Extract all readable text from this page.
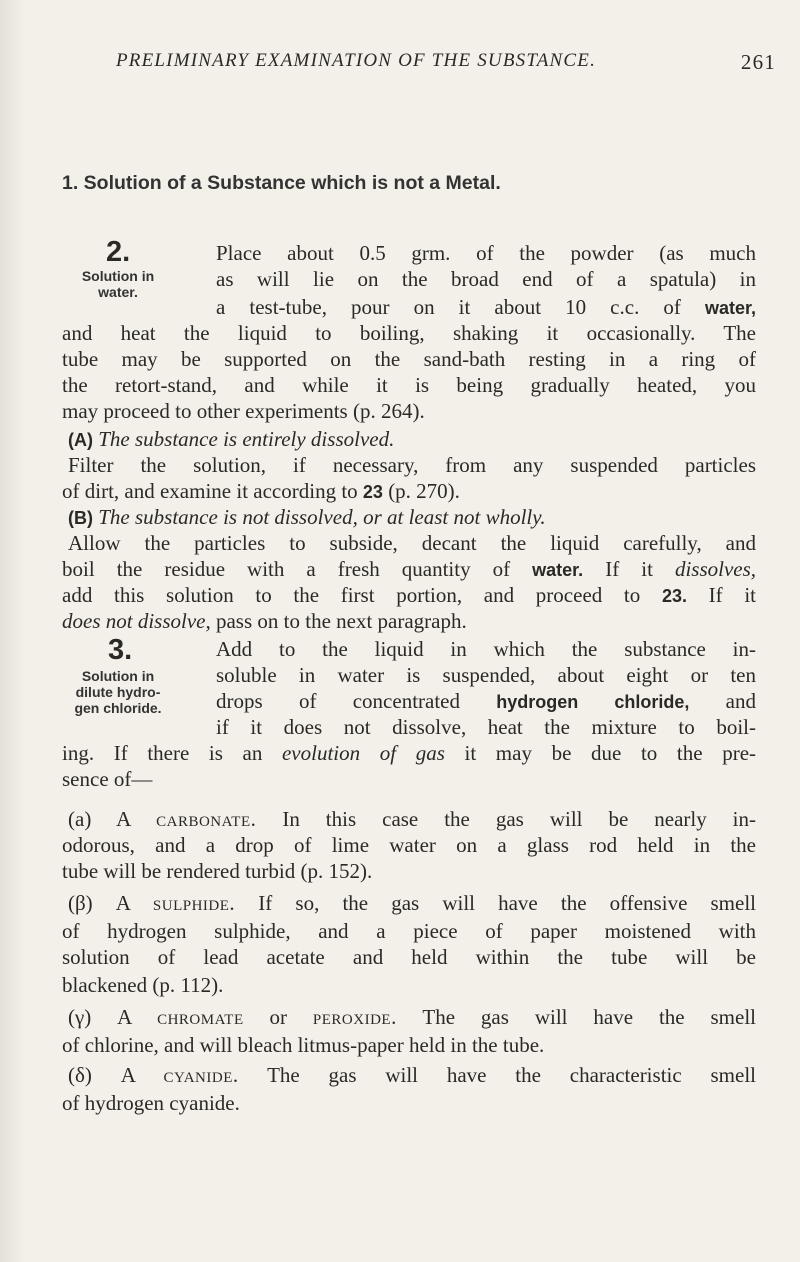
PRELIMINARY EXAMINATION OF THE SUBSTANCE.	261
1. Solution of a Substance which is not a Metal.
2.
Solution in
water.
Place about 0.5 grm. of the powder (as much
as will lie on the broad end of a spatula) in
a test-tube, pour on it about 10 c.c. of water,
and heat the liquid to boiling, shaking it occasionally. The
tube may be supported on the sand-bath resting in a ring of
the retort-stand, and while it is being gradually heated, you
may proceed to other experiments (p. 264).
(A) The substance is entirely dissolved.
Filter the solution, if necessary, from any suspended particles
of dirt, and examine it according to 23 (p. 270).
(B) The substance is not dissolved, or at least not wholly.
Allow the particles to subside, decant the liquid carefully, and
boil the residue with a fresh quantity of water. If it dissolves,
add this solution to the first portion, and proceed to 23. If it
does not dissolve, pass on to the next paragraph.
3.
Solution in
dilute hydro-
gen chloride.
Add to the liquid in which the substance in-
soluble in water is suspended, about eight or ten
drops of concentrated hydrogen chloride, and
if it does not dissolve, heat the mixture to boil-
ing. If there is an evolution of gas it may be due to the pre-
sence of—
(a) A carbonate. In this case the gas will be nearly in-
odorous, and a drop of lime water on a glass rod held in the
tube will be rendered turbid (p. 152).
(β) A sulphide. If so, the gas will have the offensive smell
of hydrogen sulphide, and a piece of paper moistened with
solution of lead acetate and held within the tube will be
blackened (p. 112).
(γ) A chromate or peroxide. The gas will have the smell
of chlorine, and will bleach litmus-paper held in the tube.
(δ) A cyanide. The gas will have the characteristic smell
of hydrogen cyanide.
